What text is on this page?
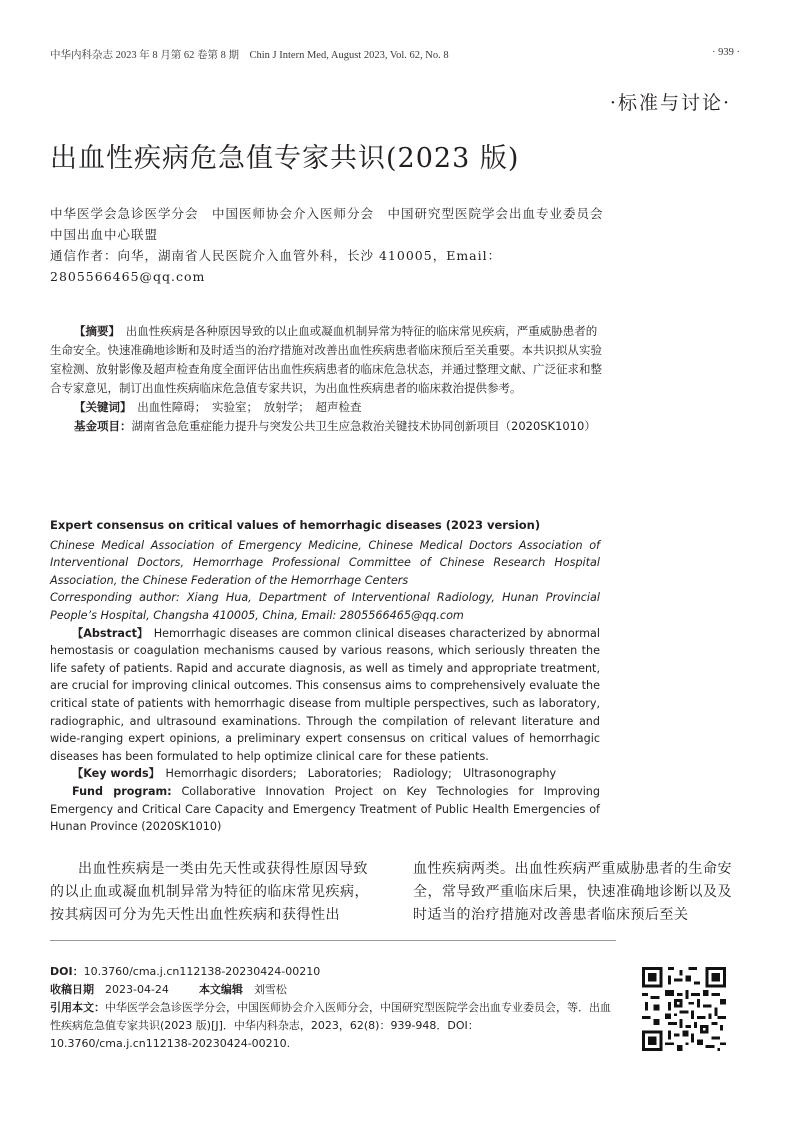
中华内科杂志 2023 年 8 月第 62 卷第 8 期　Chin J Intern Med, August 2023, Vol. 62, No. 8	· 939 ·
·标准与讨论·
出血性疾病危急值专家共识(2023 版)
中华医学会急诊医学分会　中国医师协会介入医师分会　中国研究型医院学会出血专业委员会　中国出血中心联盟
通信作者：向华，湖南省人民医院介入血管外科，长沙 410005，Email：2805566465@qq.com

【摘要】　 出血性疾病是各种原因导致的以止血或凝血机制异常为特征的临床常见疾病，严重威胁患者的生命安全。快速准确地诊断和及时适当的治疗措施对改善出血性疾病患者临床预后至关重要。本共识拟从实验室检测、放射影像及超声检查角度全面评估出血性疾病患者的临床危急状态，并通过整理文献、广泛征求和整合专家意见，制订出血性疾病临床危急值专家共识，为出血性疾病患者的临床救治提供参考。

【关键词】　 出血性障碍；　实验室；　放射学；　超声检查

基金项目：湖南省急危重症能力提升与突发公共卫生应急救治关键技术协同创新项目（2020SK1010）

Expert consensus on critical values of hemorrhagic diseases (2023 version)

Chinese Medical Association of Emergency Medicine, Chinese Medical Doctors Association of Interventional Doctors, Hemorrhage Professional Committee of Chinese Research Hospital Association, the Chinese Federation of the Hemorrhage Centers

Corresponding author: Xiang Hua, Department of Interventional Radiology, Hunan Provincial People’s Hospital, Changsha 410005, China, Email: 2805566465@qq.com

【Abstract】　 Hemorrhagic diseases are common clinical diseases characterized by abnormal hemostasis or coagulation mechanisms caused by various reasons, which seriously threaten the life safety of patients. Rapid and accurate diagnosis, as well as timely and appropriate treatment, are crucial for improving clinical outcomes. This consensus aims to comprehensively evaluate the critical state of patients with hemorrhagic disease from multiple perspectives, such as laboratory, radiographic, and ultrasound examinations. Through the compilation of relevant literature and wide-ranging expert opinions, a preliminary expert consensus on critical values of hemorrhagic diseases has been formulated to help optimize clinical care for these patients.

【Key words】　 Hemorrhagic disorders;　Laboratories;　Radiology;　Ultrasonography

Fund program: Collaborative Innovation Project on Key Technologies for Improving Emergency and Critical Care Capacity and Emergency Treatment of Public Health Emergencies of Hunan Province (2020SK1010)

出血性疾病是一类由先天性或获得性原因导致的以止血或凝血机制异常为特征的临床常见疾病，按其病因可分为先天性出血性疾病和获得性出
血性疾病两类。出血性疾病严重威胁患者的生命安全，常导致严重临床后果，快速准确地诊断以及及时适当的治疗措施对改善患者临床预后至关
DOI：10.3760/cma.j.cn112138-20230424-00210
收稿日期　 2023-04-24	本文编辑　 刘雪松
引用本文：中华医学会急诊医学分会，中国医师协会介入医师分会，中国研究型医院学会出血专业委员会，等．出血性疾病危急值专家共识(2023 版)[J]．中华内科杂志，2023，62(8)：939-948．DOI：10.3760/cma.j.cn112138-20230424-00210.
